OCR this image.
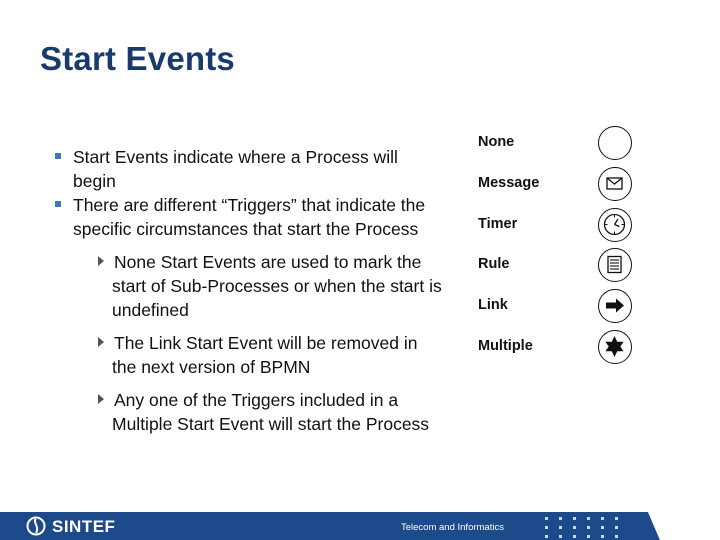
Start Events
Start Events indicate where a Process will begin
There are different “Triggers” that indicate the specific circumstances that start the Process
None Start Events are used to mark the start of Sub-Processes or when the start is undefined
The Link Start Event will be removed in the next version of BPMN
Any one of the Triggers included in a Multiple Start Event will start the Process
None
Message
Timer
Rule
Link
Multiple
SINTEF	Telecom and Informatics
